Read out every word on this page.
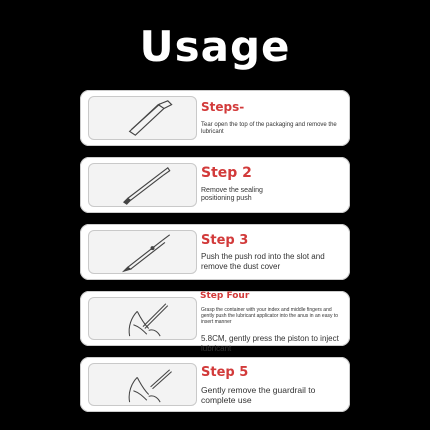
Usage
Steps-
Tear open the top of the packaging and remove the lubricant
Step 2
Remove the sealing positioning push
Step 3
Push the push rod into the slot and remove the dust cover
Step Four
Grasp the container with your index and middle fingers and gently push the lubricant applicator into the anus in an easy to insert manner
5.8CM, gently press the piston to inject lubricant
Step 5
Gently remove the guardrail to complete use
